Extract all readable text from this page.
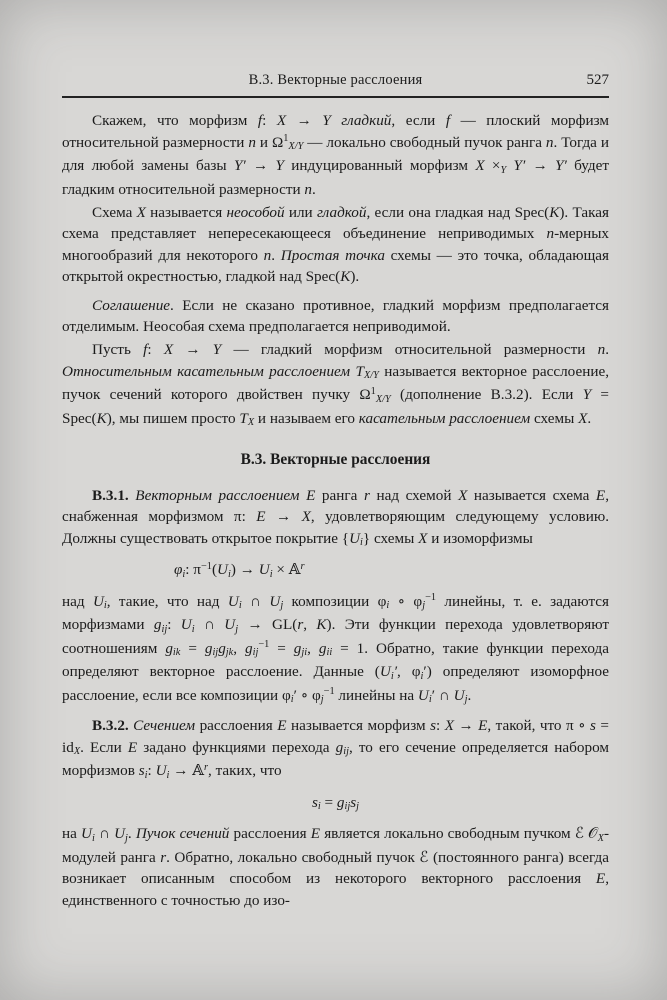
В.3. Векторные расслоения	527

Скажем, что морфизм f: X → Y гладкий, если f — плоский морфизм относительной размерности n и $\Omega^1X/Y$ — локально свободный пучок ранга n. Тогда и для любой замены базы Y′ → Y индуцированный морфизм X ×Y Y′ → Y′ будет гладким относительной размерности n.

Схема X называется неособой или гладкой, если она гладкая над Spec(K). Такая схема представляет непересекающееся объединение неприводимых n-мерных многообразий для некоторого n. Простая точка схемы — это точка, обладающая открытой окрестностью, гладкой над Spec(K).

Соглашение. Если не сказано противное, гладкий морфизм предполагается отделимым. Неособая схема предполагается неприводимой.

Пусть f: X → Y — гладкий морфизм относительной размерности n. Относительным касательным расслоением TX/Y называется векторное расслоение, пучок сечений которого двойствен пучку $\Omega^1X/Y$ (дополнение В.3.2). Если Y = Spec(K), мы пишем просто TX и называем его касательным расслоением схемы X.

В.3. Векторные расслоения

В.3.1. Векторным расслоением E ранга r над схемой X называется схема E, снабженная морфизмом π: E → X, удовлетворяющим следующему условию. Должны существовать открытое покрытие {Ui} схемы X и изоморфизмы

φi: $\pi^{-1}(Ui) \to Ui$ × 𝔸$^r$

над Ui, такие, что над Ui ∩ Uj композиции φi ∘ $\varphi j^{-1}$ линейны, т. е. задаются морфизмами gij: Ui ∩ Uj → GL(r, K). Эти функции перехода удовлетворяют соотношениям gik = gijgjk, gij$^{-1}$ = gji, gii = 1. Обратно, такие функции перехода определяют векторное расслоение. Данные (Ui′, φi′) определяют изоморфное расслоение, если все композиции φi′ ∘ $\varphi j^{-1}$ линейны на Ui′ ∩ Uj.

В.3.2. Сечением расслоения E называется морфизм s: X → E, такой, что π ∘ s = idX. Если E задано функциями перехода gij, то его сечение определяется набором морфизмов si: Ui → 𝔸$^r$, таких, что

si = gijsj

на Ui ∩ Uj. Пучок сечений расслоения E является локально свободным пучком ℰ 𝒪X-модулей ранга r. Обратно, локально свободный пучок ℰ (постоянного ранга) всегда возникает описанным способом из некоторого векторного расслоения E, единственного с точностью до изо-
